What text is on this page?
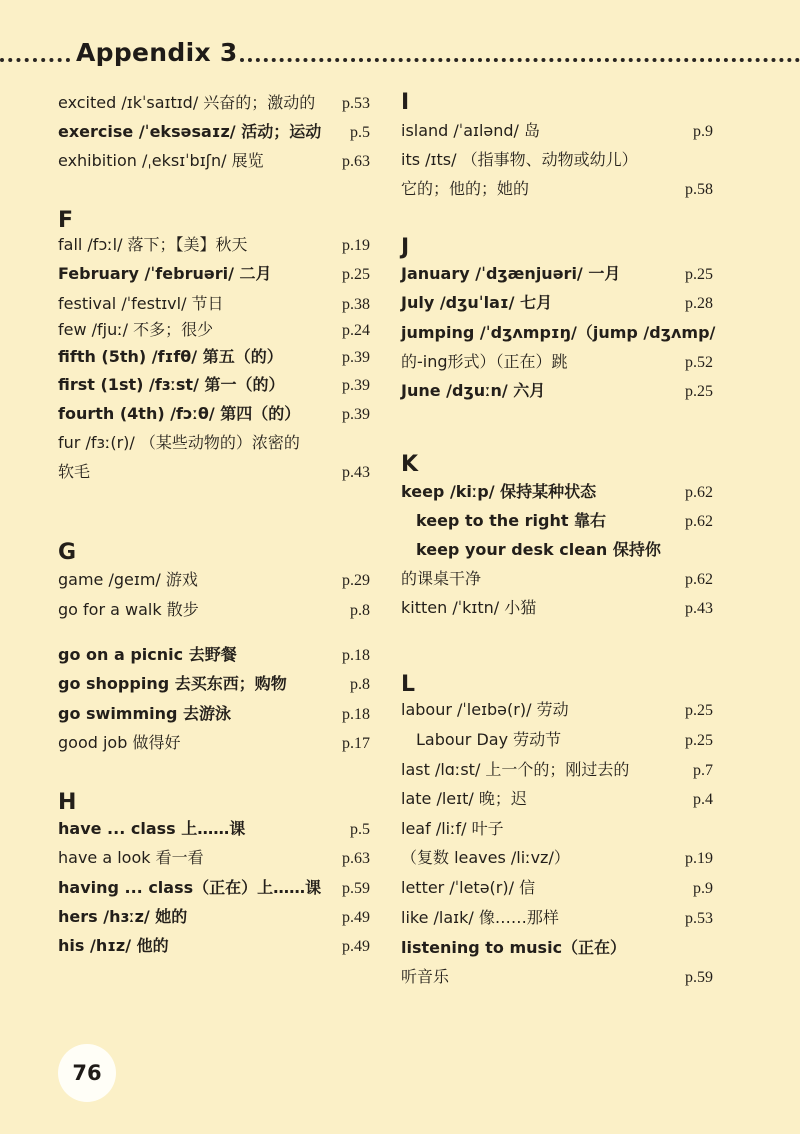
Appendix 3
excited /ɪkˈsaɪtɪd/ 兴奋的；激动的 p.53
exercise /ˈeksəsaɪz/ 活动；运动 p.5
exhibition /ˌeksɪˈbɪʃn/ 展览	p.63
F
fall /fɔːl/ 落下；【美】秋天	p.19
February /ˈfebruəri/ 二月	p.25
festival /ˈfestɪvl/ 节日	p.38
few /fjuː/ 不多；很少	p.24
fifth (5th) /fɪfθ/ 第五（的）	p.39
first (1st) /fɜːst/ 第一（的）	p.39
fourth (4th) /fɔːθ/ 第四（的）	p.39
fur /fɜː(r)/ （某些动物的）浓密的
软毛	p.43
G
game /geɪm/ 游戏	p.29
go for a walk 散步	p.8
go on a picnic 去野餐	p.18
go shopping 去买东西；购物	p.8
go swimming 去游泳	p.18
good job 做得好	p.17
H
have ... class 上……课	p.5
have a look 看一看	p.63
having ... class（正在）上……课 p.59
hers /hɜːz/ 她的	p.49
his /hɪz/ 他的	p.49
I
island /ˈaɪlənd/ 岛	p.9
its /ɪts/ （指事物、动物或幼儿）
它的；他的；她的	p.58
J
January /ˈdʒænjuəri/ 一月	p.25
July /dʒuˈlaɪ/ 七月	p.28
jumping /ˈdʒʌmpɪŋ/（jump /dʒʌmp/
的-ing形式）（正在）跳	p.52
June /dʒuːn/ 六月	p.25
K
keep /kiːp/ 保持某种状态	p.62
keep to the right 靠右	p.62
keep your desk clean 保持你
的课桌干净	p.62
kitten /ˈkɪtn/ 小猫	p.43
L
labour /ˈleɪbə(r)/ 劳动	p.25
Labour Day 劳动节	p.25
last /lɑːst/ 上一个的；刚过去的	p.7
late /leɪt/ 晚；迟	p.4
leaf /liːf/ 叶子
（复数 leaves /liːvz/）	p.19
letter /ˈletə(r)/ 信	p.9
like /laɪk/ 像……那样	p.53
listening to music（正在）
听音乐	p.59
76
